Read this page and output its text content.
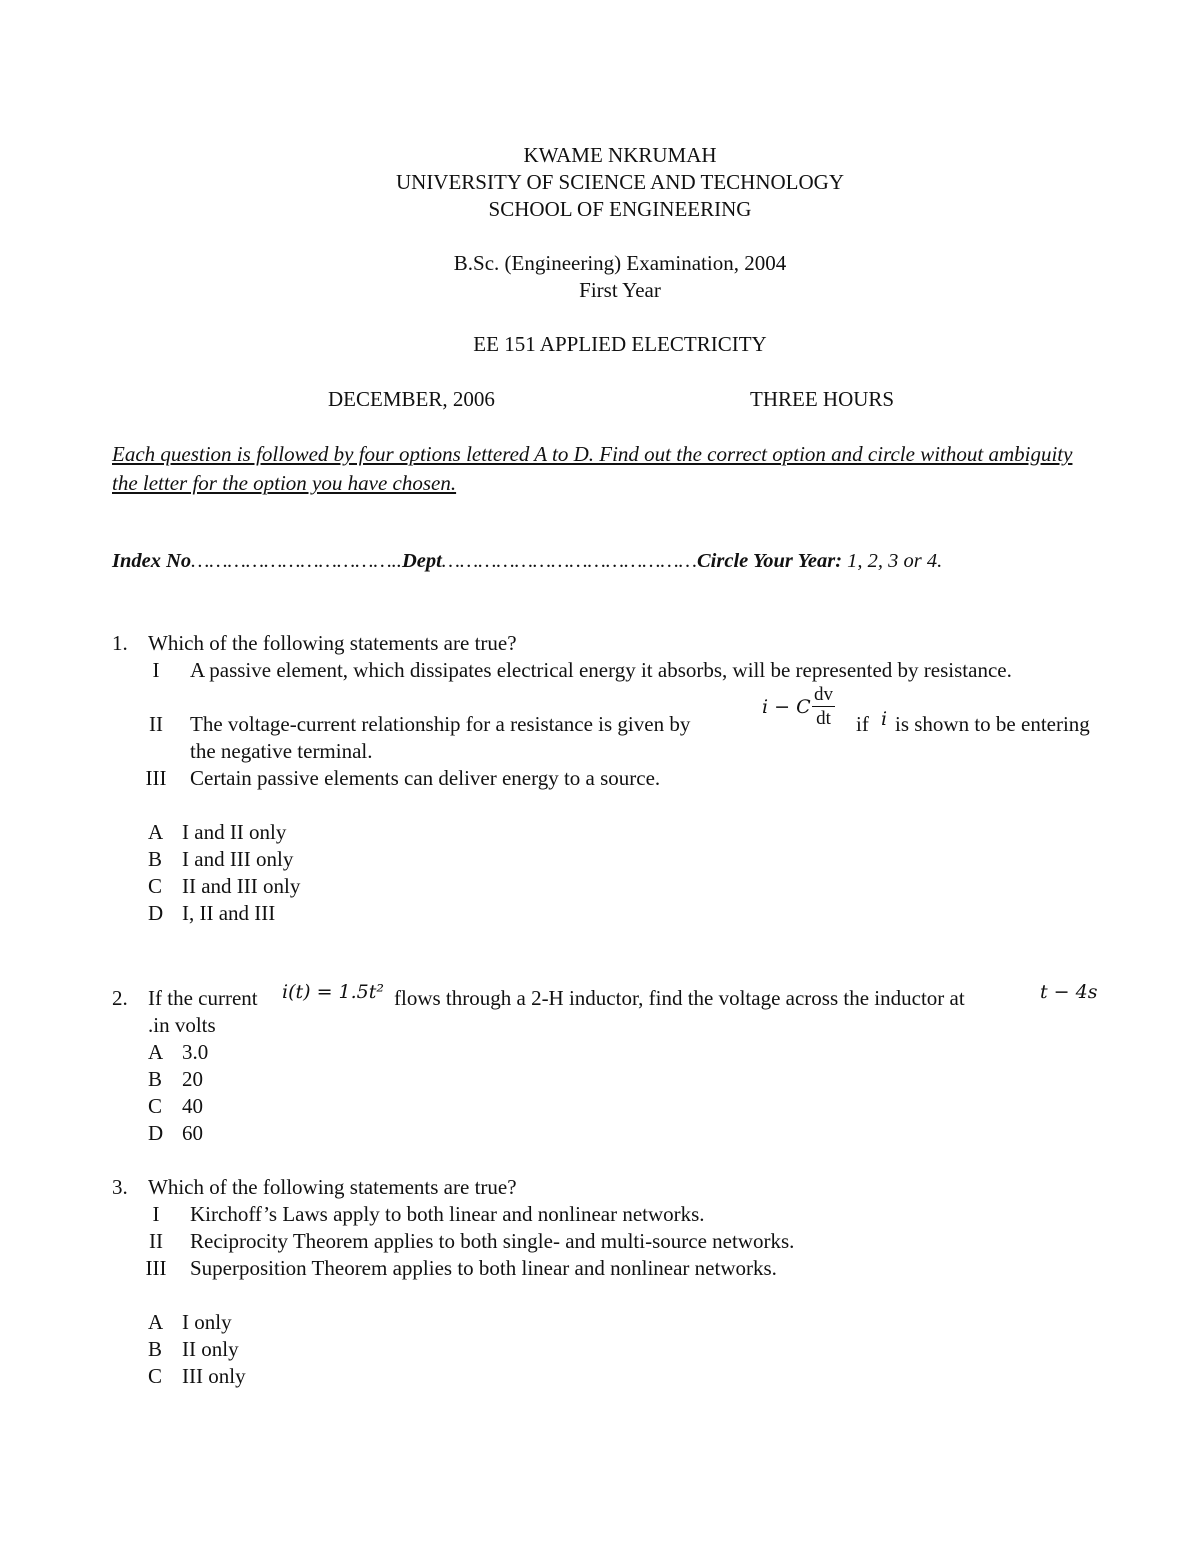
KWAME NKRUMAH
UNIVERSITY OF SCIENCE AND TECHNOLOGY
SCHOOL OF ENGINEERING
B.Sc. (Engineering) Examination, 2004
First Year
EE 151 APPLIED ELECTRICITY
DECEMBER, 2006	THREE HOURS
Each question is followed by four options lettered A to D. Find out the correct option and circle without ambiguity the letter for the option you have chosen.
Index No……………………………..Dept……………………………………Circle Your Year: 1, 2, 3 or 4.
1. Which of the following statements are true?
I	A passive element, which dissipates electrical energy it absorbs, will be represented by resistance.
II	The voltage-current relationship for a resistance is given by
i − C $\frac{dv}{dt}$ if i is shown to be entering
the negative terminal.
III	Certain passive elements can deliver energy to a source.
A I and II only
B I and III only
C II and III only
D I, II and III
2. If the current i(t) = 1.5t² flows through a 2-H inductor, find the voltage across the inductor at	t − 4s
.in volts
A 3.0
B 20
C 40
D 60
3. Which of the following statements are true?
I	Kirchoff’s Laws apply to both linear and nonlinear networks.
II	Reciprocity Theorem applies to both single- and multi-source networks.
III	Superposition Theorem applies to both linear and nonlinear networks.
A I only
B II only
C III only
